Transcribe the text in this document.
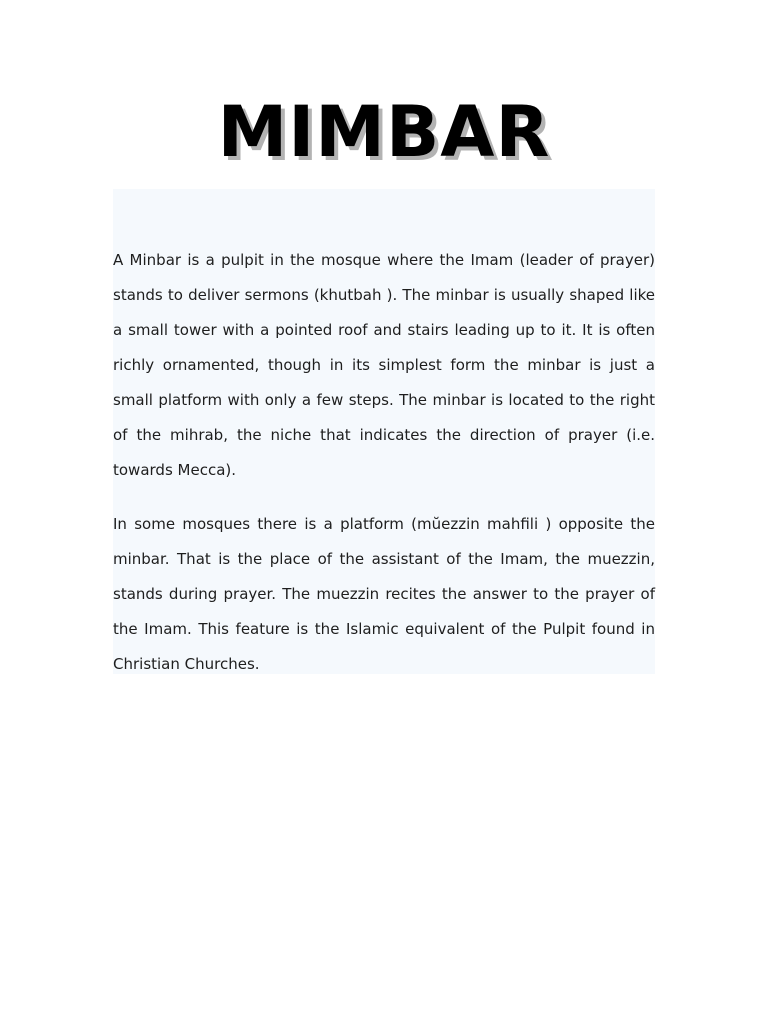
MIMBAR

A Minbar is a pulpit in the mosque where the Imam (leader of prayer) stands to deliver sermons (khutbah ). The minbar is usually shaped like a small tower with a pointed roof and stairs leading up to it. It is often richly ornamented, though in its simplest form the minbar is just a small platform with only a few steps. The minbar is located to the right of the mihrab, the niche that indicates the direction of prayer (i.e. towards Mecca).

In some mosques there is a platform (mŭezzin mahfili ) opposite the minbar. That is the place of the assistant of the Imam, the muezzin, stands during prayer. The muezzin recites the answer to the prayer of the Imam. This feature is the Islamic equivalent of the Pulpit found in Christian Churches.
